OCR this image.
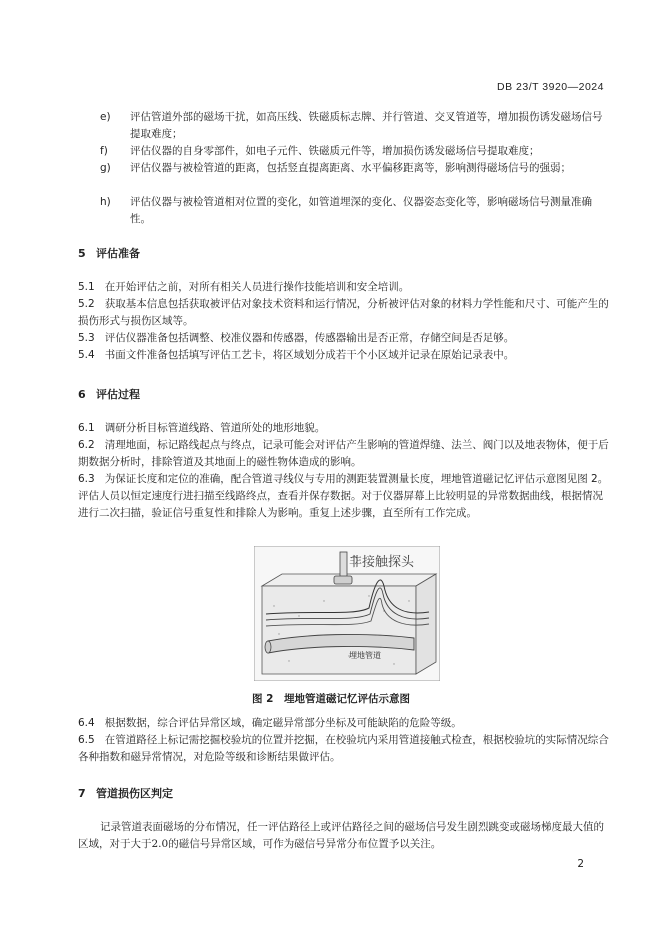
DB 23/T 3920—2024
e)	评估管道外部的磁场干扰，如高压线、铁磁质标志牌、并行管道、交叉管道等，增加损伤诱发磁场信号提取难度；
f)	评估仪器的自身零部件，如电子元件、铁磁质元件等，增加损伤诱发磁场信号提取难度；
g)	评估仪器与被检管道的距离，包括竖直提离距离、水平偏移距离等，影响测得磁场信号的强弱；
h)	评估仪器与被检管道相对位置的变化，如管道埋深的变化、仪器姿态变化等，影响磁场信号测量准确性。
5 评估准备
5.1 在开始评估之前，对所有相关人员进行操作技能培训和安全培训。
5.2 获取基本信息包括获取被评估对象技术资料和运行情况，分析被评估对象的材料力学性能和尺寸、可能产生的损伤形式与损伤区域等。
5.3 评估仪器准备包括调整、校准仪器和传感器，传感器输出是否正常，存储空间是否足够。
5.4 书面文件准备包括填写评估工艺卡，将区域划分成若干个小区域并记录在原始记录表中。
6 评估过程
6.1 调研分析目标管道线路、管道所处的地形地貌。
6.2 清理地面，标记路线起点与终点，记录可能会对评估产生影响的管道焊缝、法兰、阀门以及地表物体，便于后期数据分析时，排除管道及其地面上的磁性物体造成的影响。
6.3 为保证长度和定位的准确，配合管道寻线仪与专用的测距装置测量长度，埋地管道磁记忆评估示意图见图 2。评估人员以恒定速度行进扫描至线路终点，查看并保存数据。对于仪器屏幕上比较明显的异常数据曲线，根据情况进行二次扫描，验证信号重复性和排除人为影响。重复上述步骤，直至所有工作完成。
埋地管道
非接触探头
图 2　埋地管道磁记忆评估示意图
6.4 根据数据，综合评估异常区域，确定磁异常部分坐标及可能缺陷的危险等级。
6.5 在管道路径上标记需挖掘校验坑的位置并挖掘，在校验坑内采用管道接触式检查，根据校验坑的实际情况综合各种指数和磁异常情况，对危险等级和诊断结果做评估。
7 管道损伤区判定
记录管道表面磁场的分布情况，任一评估路径上或评估路径之间的磁场信号发生剧烈跳变或磁场梯度最大值的区域，对于大于2.0的磁信号异常区域，可作为磁信号异常分布位置予以关注。
2
